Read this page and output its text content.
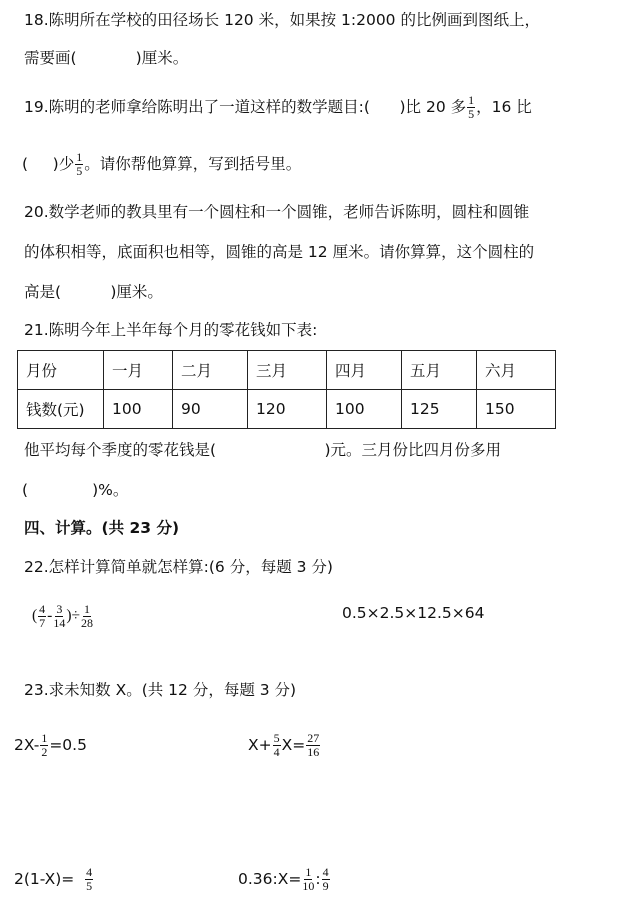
18.陈明所在学校的田径场长 120 米，如果按 1:2000 的比例画到图纸上，
需要画(            )厘米。
19.陈明的老师拿给陈明出了一道这样的数学题目:(      )比 20 多 $\frac{1}{5}$ ，16 比
(     )少 $\frac{1}{5}$ 。请你帮他算算，写到括号里。
20.数学老师的教具里有一个圆柱和一个圆锥，老师告诉陈明，圆柱和圆锥
的体积相等，底面积也相等，圆锥的高是 12 厘米。请你算算，这个圆柱的
高是(          )厘米。
21.陈明今年上半年每个月的零花钱如下表:
月份	一月	二月	三月	四月	五月	六月
钱数(元)	100	90	120	100	125	150
他平均每个季度的零花钱是(                      )元。三月份比四月份多用
(             )%。
四、计算。(共 23 分)
22.怎样计算简单就怎样算:(6 分，每题 3 分)
( $\frac{4}{7} - \frac{3}{14}$ )÷ $\frac{1}{28}$	0.5×2.5×12.5×64
23.求未知数 X。(共 12 分，每题 3 分)
$2X- \frac{1}{2} =0.5$	$X+ \frac{5}{4} X= \frac{27}{16}$
$2(1-X)= \frac{4}{5}$	0.36:X= $\frac{1}{10}$ : $\frac{4}{9}$
